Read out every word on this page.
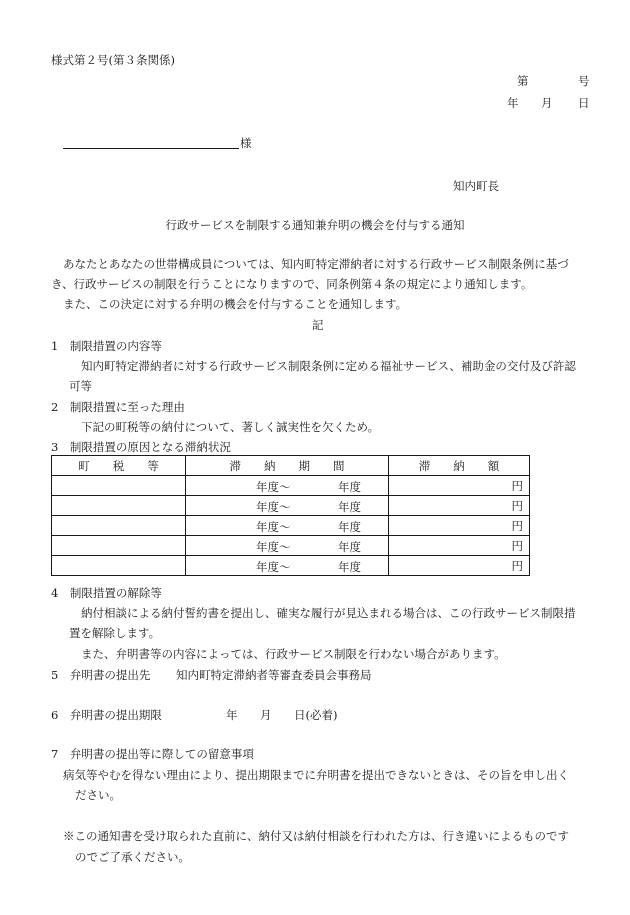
様式第２号(第３条関係)
第	号
年 月 日
様
知内町長
行政サービスを制限する通知兼弁明の機会を付与する通知
あなたとあなたの世帯構成員については、知内町特定滞納者に対する行政サービス制限条例に基づ
き、行政サービスの制限を行うことになりますので、同条例第４条の規定により通知します。
また、この決定に対する弁明の機会を付与することを通知します。
記
1　制限措置の内容等
知内町特定滞納者に対する行政サービス制限条例に定める福祉サービス、補助金の交付及び許認
可等
2　制限措置に至った理由
下記の町税等の納付について、著しく誠実性を欠くため。
3　制限措置の原因となる滞納状況
町　　税　　等	滞　　納　　期　　間	滞　　納　　額

	年度～ 年度	円

	年度～ 年度	円

	年度～ 年度	円

	年度～ 年度	円

	年度～ 年度	円
4　制限措置の解除等
納付相談による納付誓約書を提出し、確実な履行が見込まれる場合は、この行政サービス制限措
置を解除します。
また、弁明書等の内容によっては、行政サービス制限を行わない場合があります。
5　弁明書の提出先 知内町特定滞納者等審査委員会事務局
6　弁明書の提出期限	年 月 日(必着)
7　弁明書の提出等に際しての留意事項
病気等やむを得ない理由により、提出期限までに弁明書を提出できないときは、その旨を申し出く
ださい。
※この通知書を受け取られた直前に、納付又は納付相談を行われた方は、行き違いによるものです
のでご了承ください。
